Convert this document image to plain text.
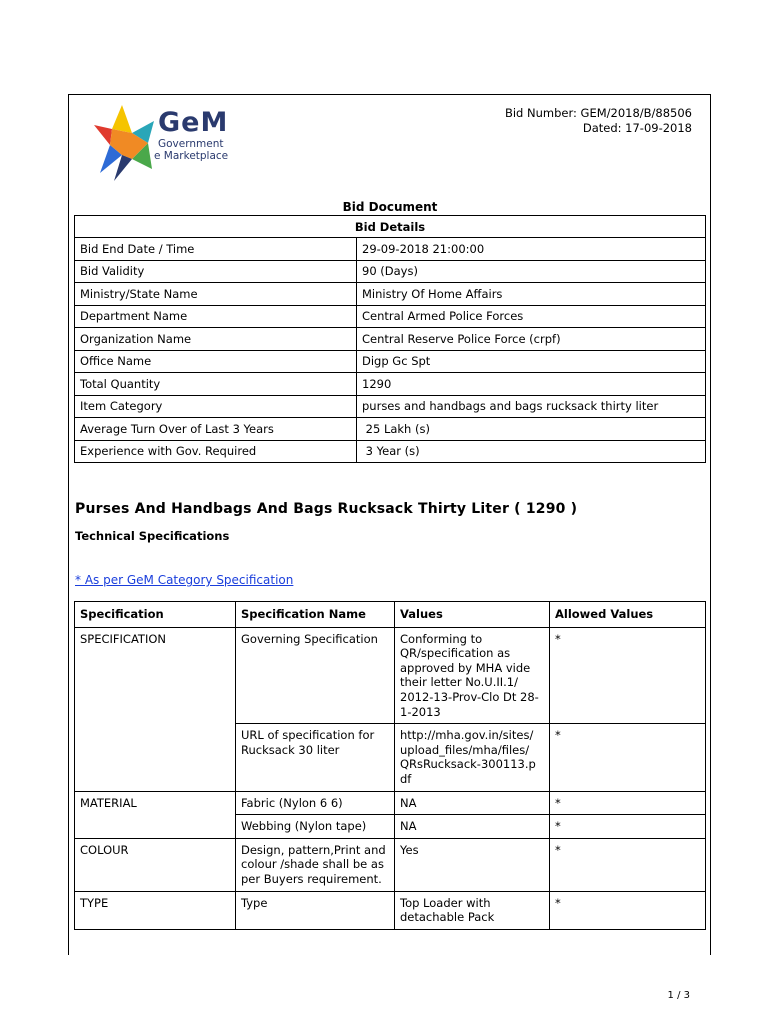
GeM
Government
e Marketplace
Bid Number: GEM/2018/B/88506
Dated: 17-09-2018
Bid Document
Bid Details	
Bid End Date / Time	29-09-2018 21:00:00
Bid Validity	90 (Days)
Ministry/State Name	Ministry Of Home Affairs
Department Name	Central Armed Police Forces
Organization Name	Central Reserve Police Force (crpf)
Office Name	Digp Gc Spt
Total Quantity	1290
Item Category	purses and handbags and bags rucksack thirty liter
Average Turn Over of Last 3 Years	25 Lakh (s)
Experience with Gov. Required	3 Year (s)
Purses And Handbags And Bags Rucksack Thirty Liter ( 1290 )
Technical Specifications
* As per GeM Category Specification
Specification	Specification Name	Values	Allowed Values
SPECIFICATION	Governing Specification	Conforming to QR/specification as approved by MHA vide their letter No.U.II.1/ 2012-13-Prov-Clo Dt 28-1-2013	*
	URL of specification for Rucksack 30 liter	http://mha.gov.in/sites/ upload_files/mha/files/ QRsRucksack-300113.p df	*
MATERIAL	Fabric (Nylon 6 6)	NA	*
	Webbing (Nylon tape)	NA	*
COLOUR	Design, pattern,Print and colour /shade shall be as per Buyers requirement.	Yes	*
TYPE	Type	Top Loader with detachable Pack	*
1 / 3
